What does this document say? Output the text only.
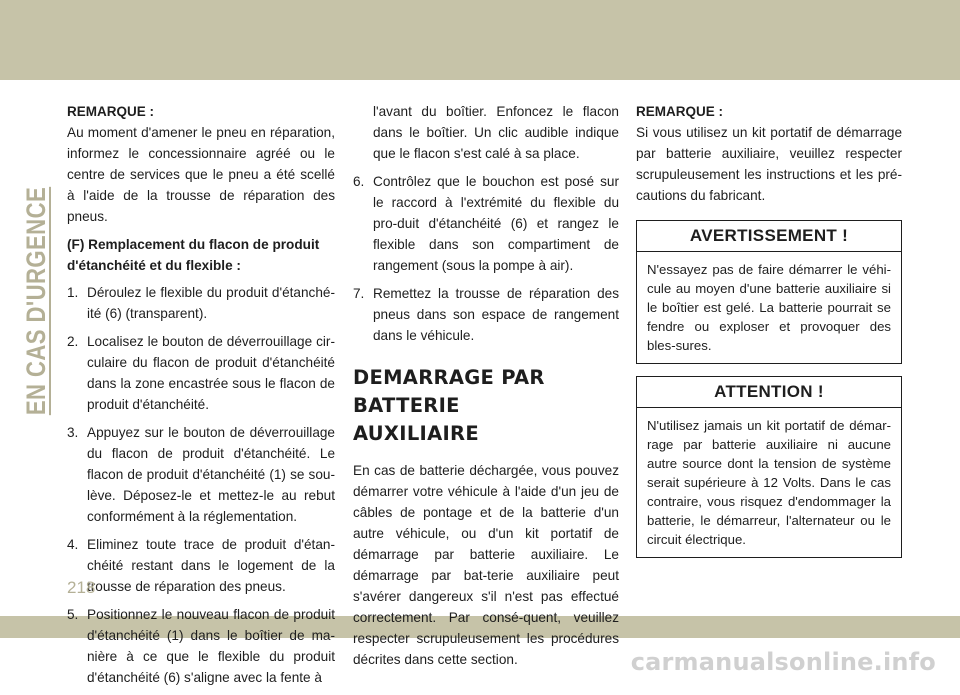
EN CAS D'URGENCE
REMARQUE :

Au moment d'amener le pneu en réparation, informez le concessionnaire agréé ou le centre de services que le pneu a été scellé à l'aide de la trousse de réparation des pneus.

(F) Remplacement du flacon de produit d'étanchéité et du flexible :
1. Déroulez le flexible du produit d'étanché-ité (6) (transparent).
2. Localisez le bouton de déverrouillage cir-culaire du flacon de produit d'étanchéité dans la zone encastrée sous le flacon de produit d'étanchéité.
3. Appuyez sur le bouton de déverrouillage du flacon de produit d'étanchéité. Le flacon de produit d'étanchéité (1) se sou-lève. Déposez-le et mettez-le au rebut conformément à la réglementation.
4. Eliminez toute trace de produit d'étan-chéité restant dans le logement de la trousse de réparation des pneus.
5. Positionnez le nouveau flacon de produit d'étanchéité (1) dans le boîtier de ma-nière à ce que le flexible du produit d'étanchéité (6) s'aligne avec la fente à
l'avant du boîtier. Enfoncez le flacon dans le boîtier. Un clic audible indique que le flacon s'est calé à sa place.
6. Contrôlez que le bouchon est posé sur le raccord à l'extrémité du flexible du pro-duit d'étanchéité (6) et rangez le flexible dans son compartiment de rangement (sous la pompe à air).
7. Remettez la trousse de réparation des pneus dans son espace de rangement dans le véhicule.
DEMARRAGE PAR BATTERIE
AUXILIAIRE

En cas de batterie déchargée, vous pouvez démarrer votre véhicule à l'aide d'un jeu de câbles de pontage et de la batterie d'un autre véhicule, ou d'un kit portatif de démarrage par batterie auxiliaire. Le démarrage par bat-terie auxiliaire peut s'avérer dangereux s'il n'est pas effectué correctement. Par consé-quent, veuillez respecter scrupuleusement les procédures décrites dans cette section.

REMARQUE :

Si vous utilisez un kit portatif de démarrage par batterie auxiliaire, veuillez respecter scrupuleusement les instructions et les pré-cautions du fabricant.

AVERTISSEMENT !
N'essayez pas de faire démarrer le véhi-cule au moyen d'une batterie auxiliaire si le boîtier est gelé. La batterie pourrait se fendre ou exploser et provoquer des bles-sures.
ATTENTION !
N'utilisez jamais un kit portatif de démar-rage par batterie auxiliaire ni aucune autre source dont la tension de système serait supérieure à 12 Volts. Dans le cas contraire, vous risquez d'endommager la batterie, le démarreur, l'alternateur ou le circuit électrique.
218
carmanualsonline.info
